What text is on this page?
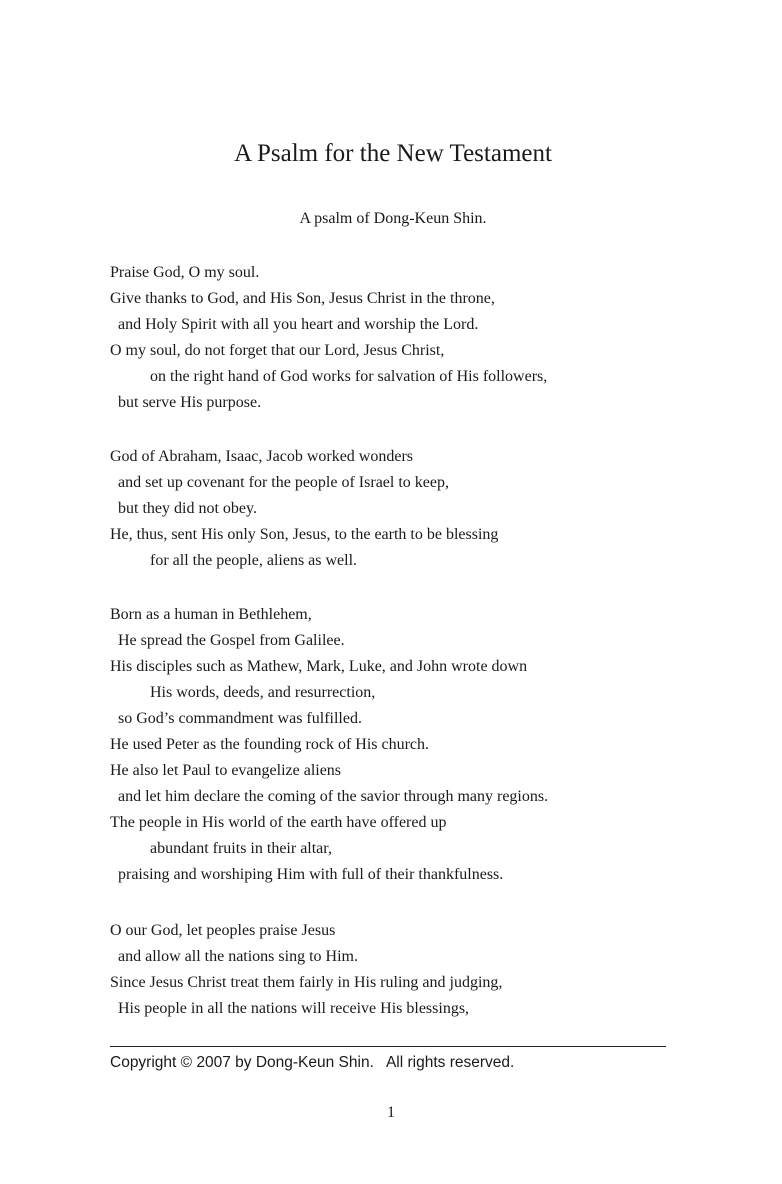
A Psalm for the New Testament
A psalm of Dong-Keun Shin.
Praise God, O my soul.
Give thanks to God, and His Son, Jesus Christ in the throne,
and Holy Spirit with all you heart and worship the Lord.
O my soul, do not forget that our Lord, Jesus Christ,
on the right hand of God works for salvation of His followers,
but serve His purpose.
God of Abraham, Isaac, Jacob worked wonders
and set up covenant for the people of Israel to keep,
but they did not obey.
He, thus, sent His only Son, Jesus, to the earth to be blessing
for all the people, aliens as well.
Born as a human in Bethlehem,
He spread the Gospel from Galilee.
His disciples such as Mathew, Mark, Luke, and John wrote down
His words, deeds, and resurrection,
so God’s commandment was fulfilled.
He used Peter as the founding rock of His church.
He also let Paul to evangelize aliens
and let him declare the coming of the savior through many regions.
The people in His world of the earth have offered up
abundant fruits in their altar,
praising and worshiping Him with full of their thankfulness.
O our God, let peoples praise Jesus
and allow all the nations sing to Him.
Since Jesus Christ treat them fairly in His ruling and judging,
His people in all the nations will receive His blessings,
Copyright © 2007 by Dong-Keun Shin.   All rights reserved.
1
